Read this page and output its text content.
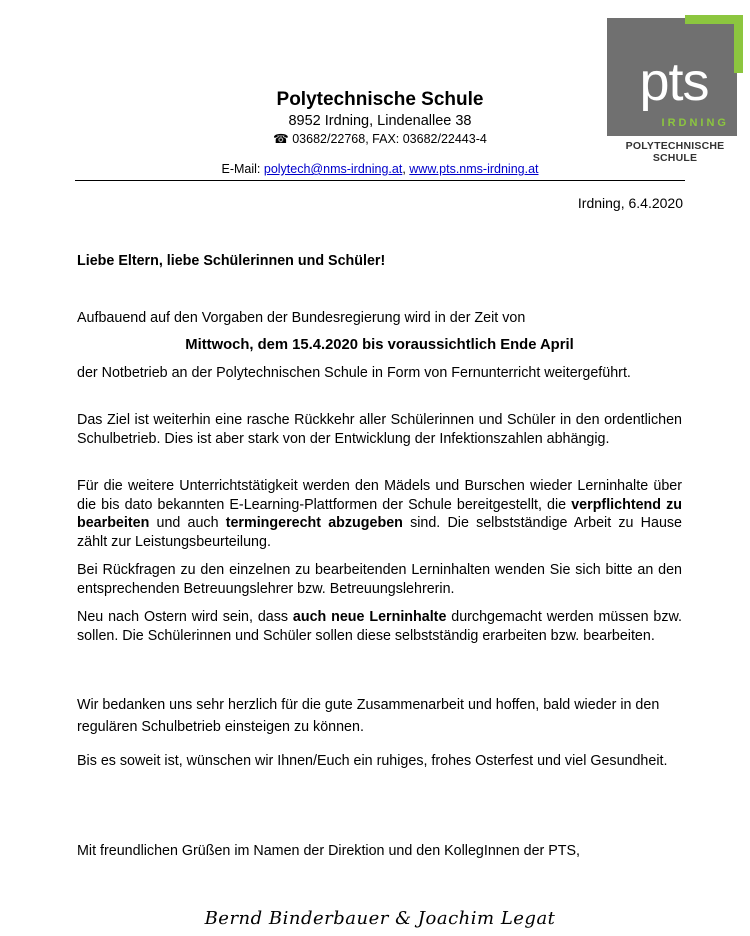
Polytechnische Schule
8952 Irdning, Lindenallee 38
☎ 03682/22768, FAX: 03682/22443-4
E-Mail: polytech@nms-irdning.at, www.pts.nms-irdning.at
pts
IRDNING
POLYTECHNISCHE SCHULE
Irdning, 6.4.2020
Liebe Eltern, liebe Schülerinnen und Schüler!
Aufbauend auf den Vorgaben der Bundesregierung wird in der Zeit von
Mittwoch, dem 15.4.2020 bis voraussichtlich Ende April
der Notbetrieb an der Polytechnischen Schule in Form von Fernunterricht weitergeführt.
Das Ziel ist weiterhin eine rasche Rückkehr aller Schülerinnen und Schüler in den ordentlichen Schulbetrieb. Dies ist aber stark von der Entwicklung der Infektionszahlen abhängig.
Für die weitere Unterrichtstätigkeit werden den Mädels und Burschen wieder Lerninhalte über die bis dato bekannten E-Learning-Plattformen der Schule bereitgestellt, die verpflichtend zu bearbeiten und auch termingerecht abzugeben sind. Die selbstständige Arbeit zu Hause zählt zur Leistungsbeurteilung.
Bei Rückfragen zu den einzelnen zu bearbeitenden Lerninhalten wenden Sie sich bitte an den entsprechenden Betreuungslehrer bzw. Betreuungslehrerin.
Neu nach Ostern wird sein, dass auch neue Lerninhalte durchgemacht werden müssen bzw. sollen. Die Schülerinnen und Schüler sollen diese selbstständig erarbeiten bzw. bearbeiten.
Wir bedanken uns sehr herzlich für die gute Zusammenarbeit und hoffen, bald wieder in den regulären Schulbetrieb einsteigen zu können.
Bis es soweit ist, wünschen wir Ihnen/Euch ein ruhiges, frohes Osterfest und viel Gesundheit.
Mit freundlichen Grüßen im Namen der Direktion und den KollegInnen der PTS,
Bernd Binderbauer & Joachim Legat
